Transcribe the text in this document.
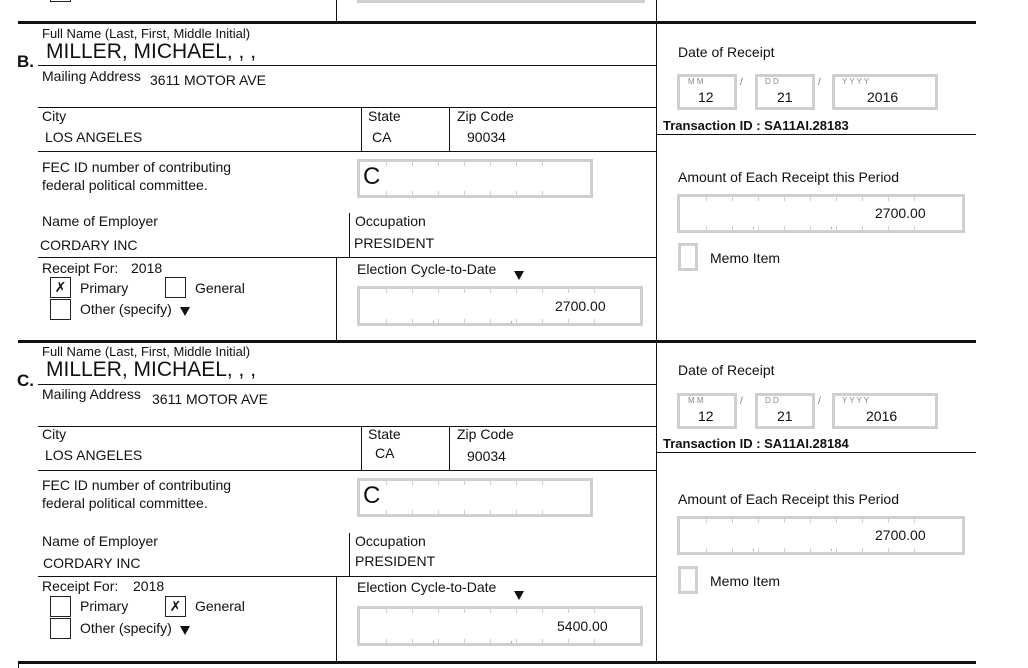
B.
Full Name (Last, First, Middle Initial)
MILLER, MICHAEL, , ,
Mailing Address 3611 MOTOR AVE
City
LOS ANGELES
State
CA
Zip Code
90034
FEC ID number of contributing
federal political committee.	C
Name of Employer
CORDARY INC
Occupation
PRESIDENT
Receipt For: 2018
✗ Primary	General
Other (specify)
Election Cycle-to-Date
2700.00
,	,
Date of Receipt
M M
12
/	D D
21
/	Y Y Y Y
2016
Transaction ID : SA11AI.28183
Amount of Each Receipt this Period
2700.00
,	,
Memo Item
C.
Full Name (Last, First, Middle Initial)
MILLER, MICHAEL, , ,
Mailing Address 3611 MOTOR AVE
City
LOS ANGELES
State
CA
Zip Code
90034
FEC ID number of contributing
federal political committee.	C
Name of Employer
CORDARY INC
Occupation
PRESIDENT
Receipt For: 2018
Primary	✗ General
Other (specify)
Election Cycle-to-Date
5400.00
,	,
Date of Receipt
M M
12
/	D D
21
/	Y Y Y Y
2016
Transaction ID : SA11AI.28184
Amount of Each Receipt this Period
2700.00
,	,
Memo Item
